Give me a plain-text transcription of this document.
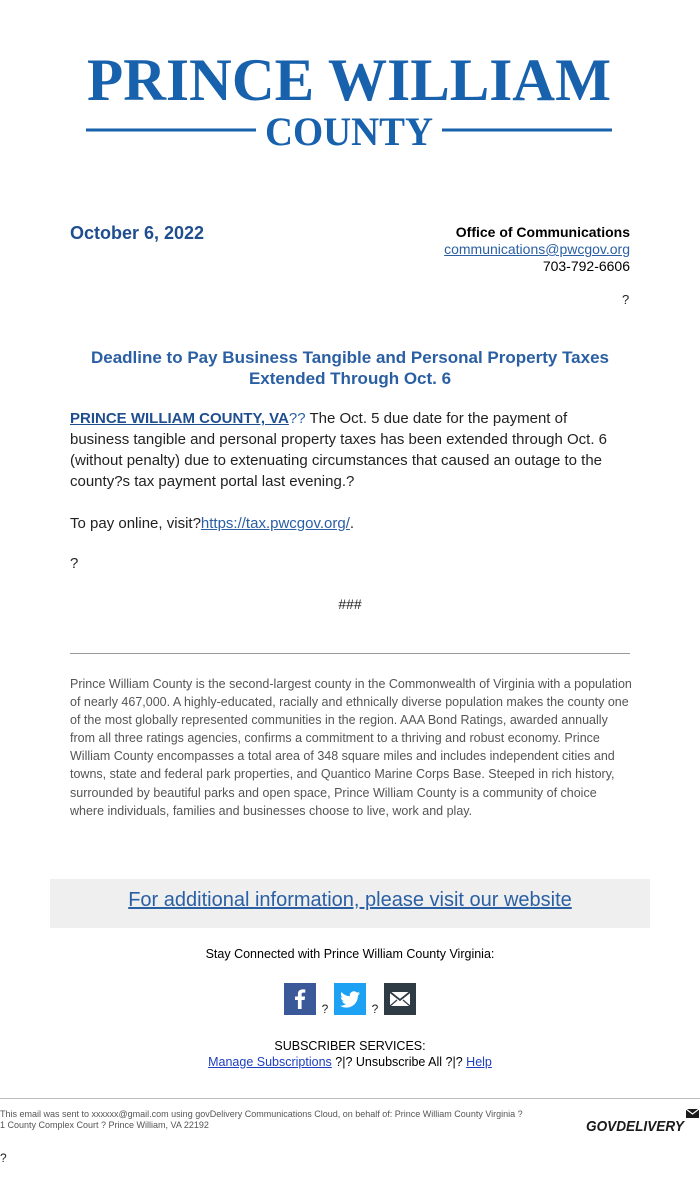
PRINCE WILLIAM
COUNTY
October 6, 2022	Office of Communications
communications@pwcgov.org
703-792-6606
?
Deadline to Pay Business Tangible and Personal Property Taxes Extended Through Oct. 6

PRINCE WILLIAM COUNTY, VA?? The Oct. 5 due date for the payment of business tangible and personal property taxes has been extended through Oct. 6 (without penalty) due to extenuating circumstances that caused an outage to the county?s tax payment portal last evening.?

To pay online, visit?https://tax.pwcgov.org/.
?
###
Prince William County is the second-largest county in the Commonwealth of Virginia with a population of nearly 467,000. A highly-educated, racially and ethnically diverse population makes the county one of the most globally represented communities in the region. AAA Bond Ratings, awarded annually from all three ratings agencies, confirms a commitment to a thriving and robust economy. Prince William County encompasses a total area of 348 square miles and includes independent cities and towns, state and federal park properties, and Quantico Marine Corps Base. Steeped in rich history, surrounded by beautiful parks and open space, Prince William County is a community of choice where individuals, families and businesses choose to live, work and play.
For additional information, please visit our website
Stay Connected with Prince William County Virginia:
?	?
SUBSCRIBER SERVICES:
Manage Subscriptions ?|? Unsubscribe All ?|? Help
This email was sent to xxxxxx@gmail.com using govDelivery Communications Cloud, on behalf of: Prince William County Virginia ?
1 County Complex Court ? Prince William, VA 22192	GOVDELIVERY
?
